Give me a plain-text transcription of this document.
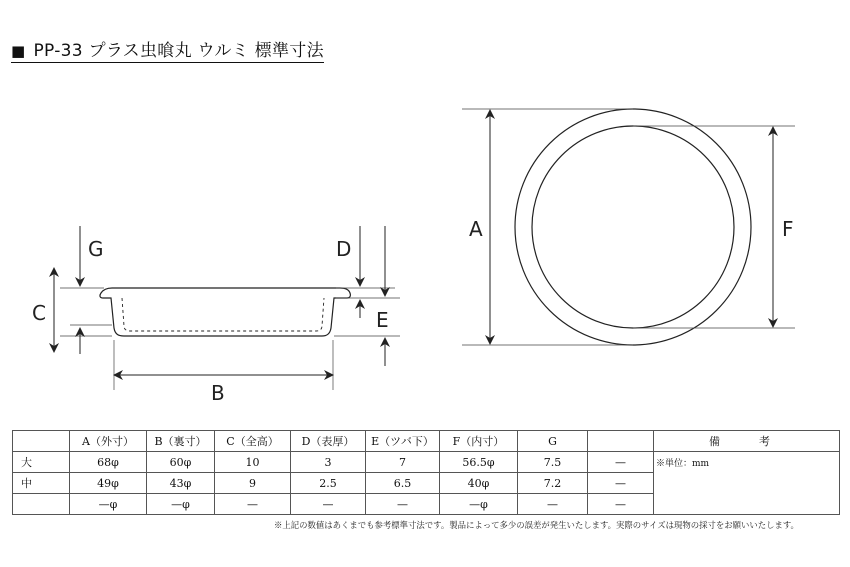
■ PP-33 プラス虫喰丸 ウルミ 標準寸法
G
C
D
E
B
A	F
	A（外寸）	B（裏寸）	C（全高）	D（表厚）	E（ツバ下）	F（内寸）	G		備　考
大	68φ	60φ	10	3	7	56.5φ	7.5	—	※単位：mm
中	49φ	43φ	9	2.5	6.5	40φ	7.2	—	
	—φ	—φ	—	—	—	—φ	—	—	
※上記の数値はあくまでも参考標準寸法です。製品によって多少の誤差が発生いたします。実際のサイズは現物の採寸をお願いいたします。
